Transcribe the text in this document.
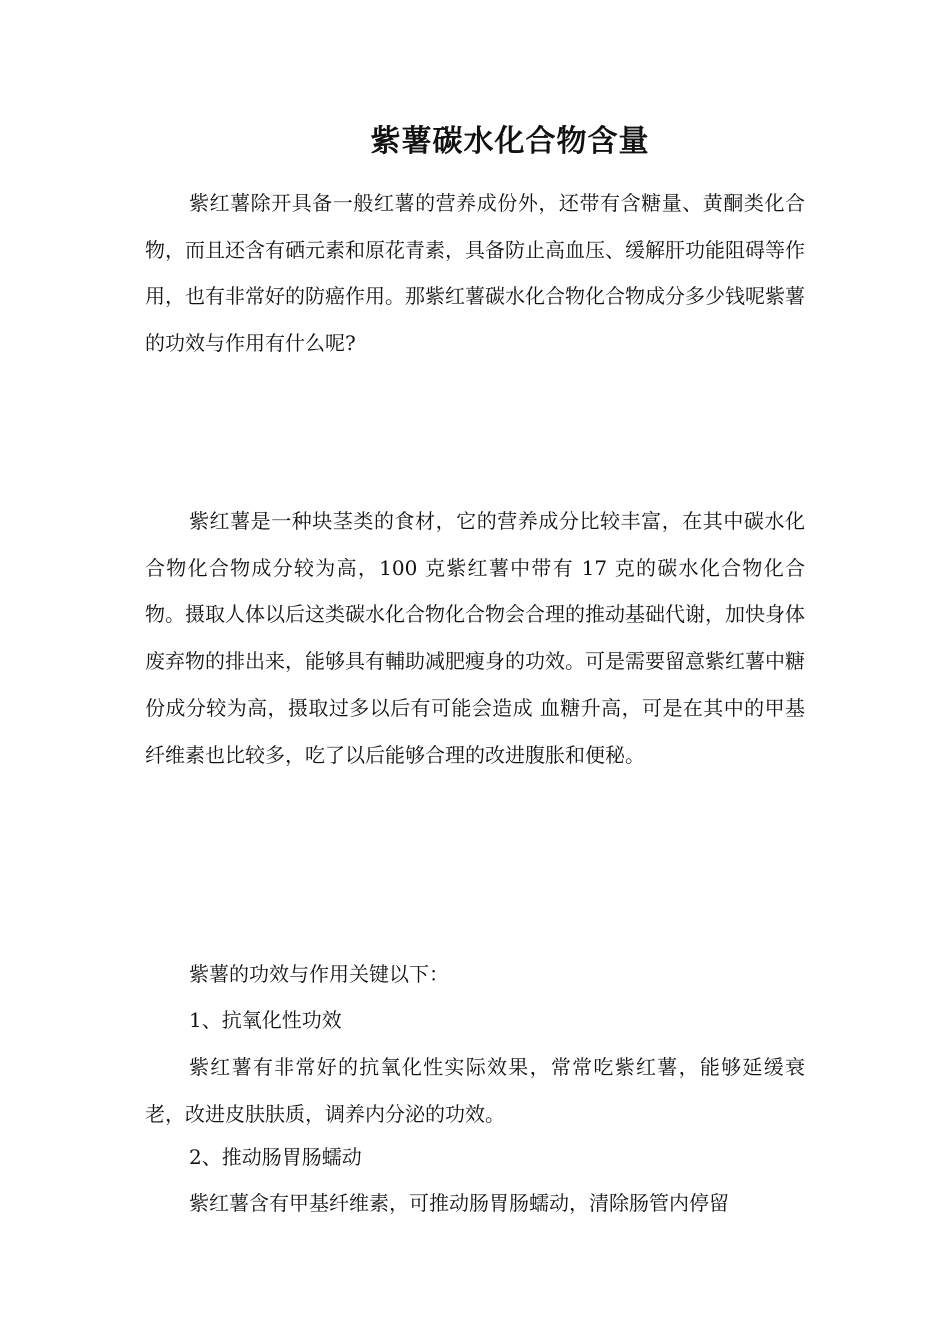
紫薯碳水化合物含量

紫红薯除开具备一般红薯的营养成份外，还带有含糖量、黄酮类化合物，而且还含有硒元素和原花青素，具备防止高血压、缓解肝功能阻碍等作用，也有非常好的防癌作用。那紫红薯碳水化合物化合物成分多少钱呢紫薯的功效与作用有什么呢?

紫红薯是一种块茎类的食材，它的营养成分比较丰富，在其中碳水化合物化合物成分较为高，100 克紫红薯中带有 17 克的碳水化合物化合物。摄取人体以后这类碳水化合物化合物会合理的推动基础代谢，加快身体废弃物的排出来，能够具有輔助减肥瘦身的功效。可是需要留意紫红薯中糖份成分较为高，摄取过多以后有可能会造成 血糖升高，可是在其中的甲基纤维素也比较多，吃了以后能够合理的改进腹胀和便秘。

紫薯的功效与作用关键以下：

1、抗氧化性功效

紫红薯有非常好的抗氧化性实际效果，常常吃紫红薯，能够延缓衰老，改进皮肤肤质，调养内分泌的功效。

2、推动肠胃肠蠕动

紫红薯含有甲基纤维素，可推动肠胃肠蠕动，清除肠管内停留
